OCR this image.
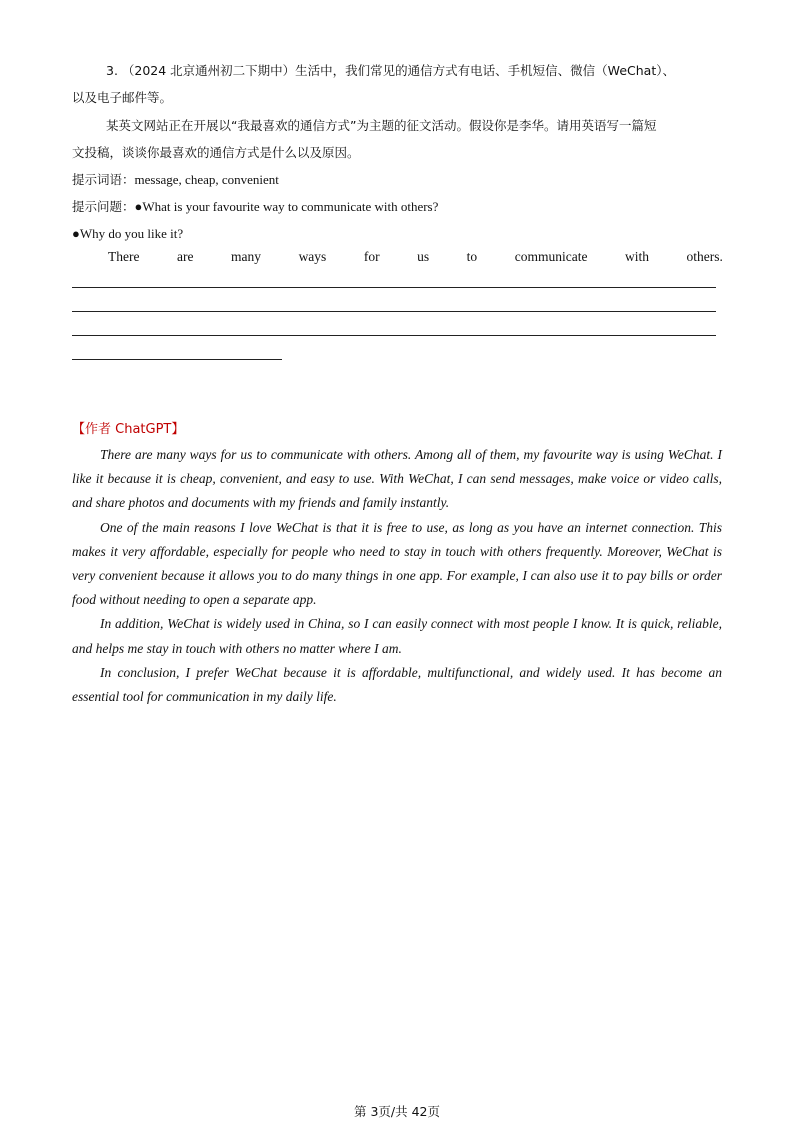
3. （2024 北京通州初二下期中）生活中，我们常见的通信方式有电话、手机短信、微信（WeChat）、
以及电子邮件等。
某英文网站正在开展以“我最喜欢的通信方式”为主题的征文活动。假设你是李华。请用英语写一篇短
文投稿，谈谈你最喜欢的通信方式是什么以及原因。
提示词语：message, cheap, convenient
提示问题：●What is your favourite way to communicate with others?
●Why do you like it?
There	are	many	ways	for	us	to	communicate	with	others.
【作者 ChatGPT】

There are many ways for us to communicate with others. Among all of them, my favourite way is using WeChat. I like it because it is cheap, convenient, and easy to use. With WeChat, I can send messages, make voice or video calls, and share photos and documents with my friends and family instantly.

One of the main reasons I love WeChat is that it is free to use, as long as you have an internet connection. This makes it very affordable, especially for people who need to stay in touch with others frequently. Moreover, WeChat is very convenient because it allows you to do many things in one app. For example, I can also use it to pay bills or order food without needing to open a separate app.

In addition, WeChat is widely used in China, so I can easily connect with most people I know. It is quick, reliable, and helps me stay in touch with others no matter where I am.

In conclusion, I prefer WeChat because it is affordable, multifunctional, and widely used. It has become an essential tool for communication in my daily life.

第 3页/共 42页
